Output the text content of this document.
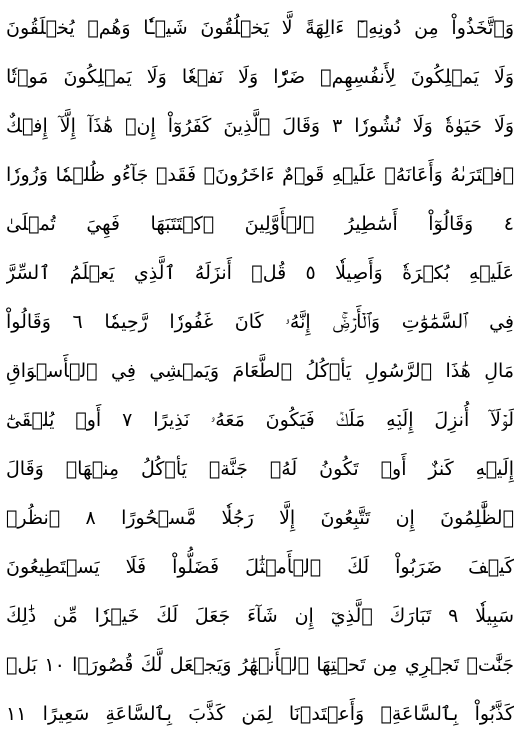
وَٱتَّخَذُواْ مِن دُونِهِۦٓ ءَالِهَةً لَّا يَخۡلُقُونَ شَيۡـٔٗا وَهُمۡ يُخۡلَقُونَ
وَلَا يَمۡلِكُونَ لِأَنفُسِهِمۡ ضَرّٗا وَلَا نَفۡعٗا وَلَا يَمۡلِكُونَ مَوۡتٗا
وَلَا حَيَوٰةٗ وَلَا نُشُورٗا ٣ وَقَالَ ٱلَّذِينَ كَفَرُوٓاْ إِنۡ هَٰذَآ إِلَّآ إِفۡكٌ
ٱفۡتَرَىٰهُ وَأَعَانَهُۥ عَلَيۡهِ قَوۡمٌ ءَاخَرُونَۖ فَقَدۡ جَآءُو ظُلۡمٗا وَزُورٗا
٤ وَقَالُوٓاْ أَسَٰطِيرُ ٱلۡأَوَّلِينَ ٱكۡتَتَبَهَا فَهِيَ تُمۡلَىٰ
عَلَيۡهِ بُكۡرَةٗ وَأَصِيلٗا ٥ قُلۡ أَنزَلَهُ ٱلَّذِي يَعۡلَمُ ٱلسِّرَّ
فِي ٱلسَّمَٰوَٰتِ وَٱلۡأَرۡضِۚ إِنَّهُۥ كَانَ غَفُورٗا رَّحِيمٗا ٦ وَقَالُواْ
مَالِ هَٰذَا ٱلرَّسُولِ يَأۡكُلُ ٱلطَّعَامَ وَيَمۡشِي فِي ٱلۡأَسۡوَاقِ
لَوۡلَآ أُنزِلَ إِلَيۡهِ مَلَكٞ فَيَكُونَ مَعَهُۥ نَذِيرًا ٧ أَوۡ يُلۡقَىٰٓ
إِلَيۡهِ كَنزٌ أَوۡ تَكُونُ لَهُۥ جَنَّةٞ يَأۡكُلُ مِنۡهَاۚ وَقَالَ
ٱلظَّٰلِمُونَ إِن تَتَّبِعُونَ إِلَّا رَجُلٗا مَّسۡحُورًا ٨ ٱنظُرۡ
كَيۡفَ ضَرَبُواْ لَكَ ٱلۡأَمۡثَٰلَ فَضَلُّواْ فَلَا يَسۡتَطِيعُونَ
سَبِيلٗا ٩ تَبَارَكَ ٱلَّذِيٓ إِن شَآءَ جَعَلَ لَكَ خَيۡرٗا مِّن ذَٰلِكَ
جَنَّٰتٖ تَجۡرِي مِن تَحۡتِهَا ٱلۡأَنۡهَٰرُ وَيَجۡعَل لَّكَ قُصُورَۢا ١٠ بَلۡ
كَذَّبُواْ بِٱلسَّاعَةِۖ وَأَعۡتَدۡنَا لِمَن كَذَّبَ بِٱلسَّاعَةِ سَعِيرًا ١١
